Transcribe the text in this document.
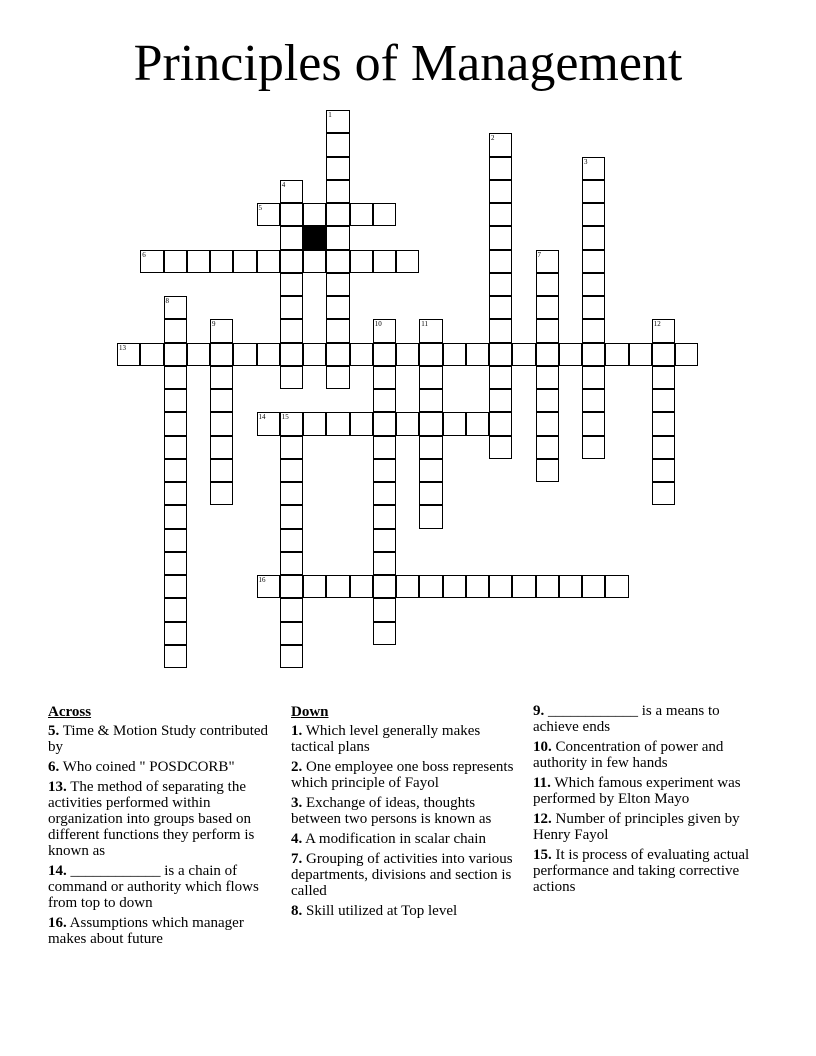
Principles of Management
1
2
3
4
5
6	7
8
9	10	11	12
13
14 15
16
Across
5. Time & Motion Study contributed by
6. Who coined " POSDCORB"
13. The method of separating the activities performed within organization into groups based on different functions they perform is known as
14. ____________ is a chain of command or authority which flows from top to down
16. Assumptions which manager makes about future
Down
1. Which level generally makes tactical plans
2. One employee one boss represents which principle of Fayol
3. Exchange of ideas, thoughts between two persons is known as
4. A modification in scalar chain
7. Grouping of activities into various departments, divisions and section is called
8. Skill utilized at Top level
9. ____________ is a means to achieve ends
10. Concentration of power and authority in few hands
11. Which famous experiment was performed by Elton Mayo
12. Number of principles given by Henry Fayol
15. It is process of evaluating actual performance and taking corrective actions
